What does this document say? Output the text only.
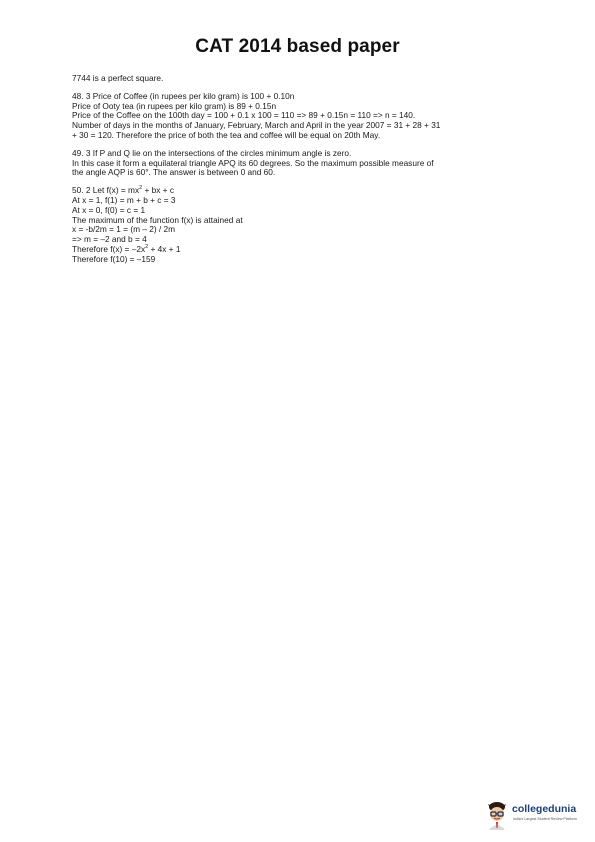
CAT 2014 based paper
7744 is a perfect square.
48. 3 Price of Coffee (in rupees per kilo gram) is 100 + 0.10n
Price of Ooty tea (in rupees per kilo gram) is 89 + 0.15n
Price of the Coffee on the 100th day = 100 + 0.1 x 100 = 110 => 89 + 0.15n = 110 => n = 140.
Number of days in the months of January, February, March and April in the year 2007 = 31 + 28 + 31
+ 30 = 120. Therefore the price of both the tea and coffee will be equal on 20th May.
49. 3 If P and Q lie on the intersections of the circles minimum angle is zero.
In this case it form a equilateral triangle APQ its 60 degrees. So the maximum possible measure of
the angle AQP is 60°. The answer is between 0 and 60.
50. 2 Let $f(x) = mx^2$ + bx + c
At x = 1, f(1) = m + b + c = 3
At x = 0, f(0) = c = 1
The maximum of the function f(x) is attained at
x = -b/2m = 1 = (m – 2) / 2m
=> m = –2 and b = 4
Therefore $f(x) = -2x^2 + 4x + 1$
Therefore f(10) = –159
collegedunia
India's Largest Student Review Platform
